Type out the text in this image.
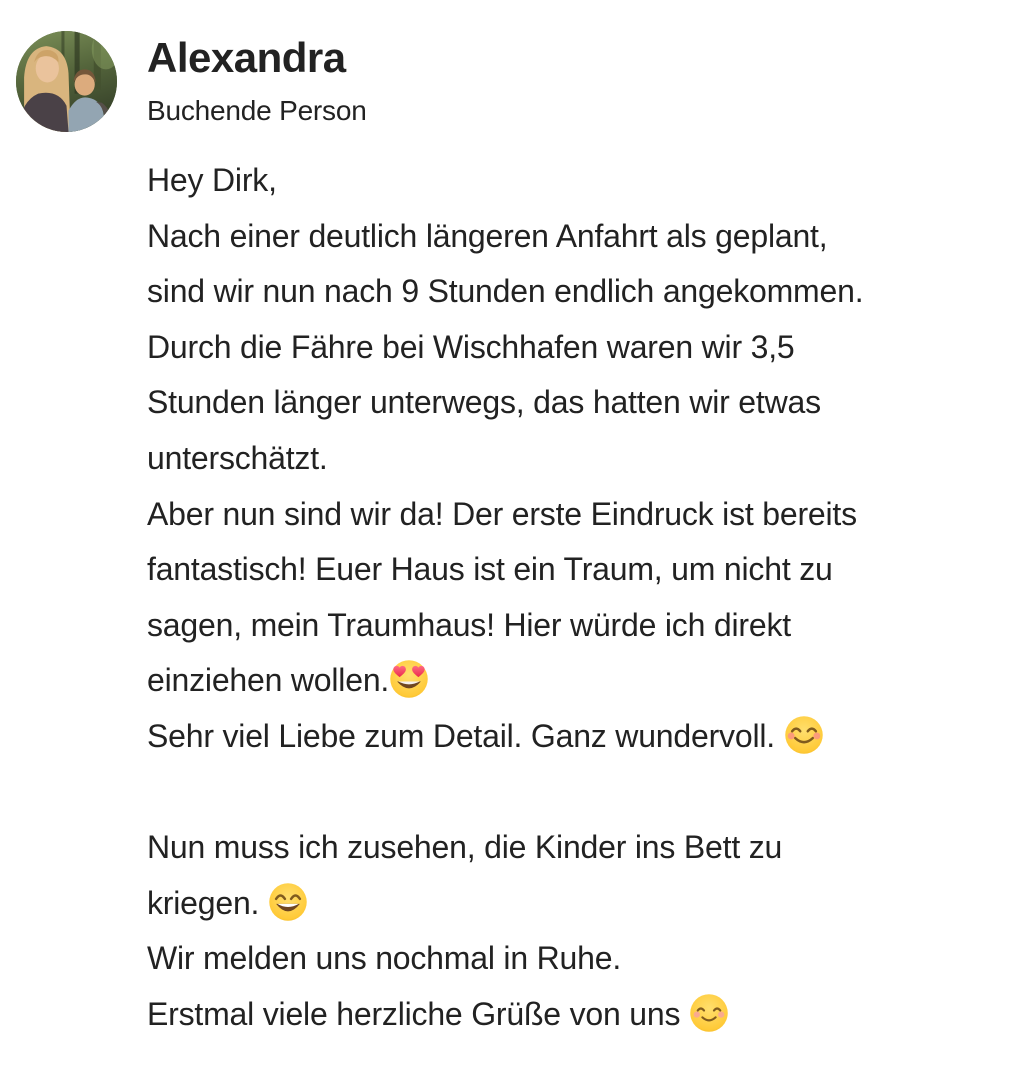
Alexandra
Buchende Person
Hey Dirk,
Nach einer deutlich längeren Anfahrt als geplant,
sind wir nun nach 9 Stunden endlich angekommen.
Durch die Fähre bei Wischhafen waren wir 3,5
Stunden länger unterwegs, das hatten wir etwas
unterschätzt.
Aber nun sind wir da! Der erste Eindruck ist bereits
fantastisch! Euer Haus ist ein Traum, um nicht zu
sagen, mein Traumhaus! Hier würde ich direkt
einziehen wollen.
Sehr viel Liebe zum Detail. Ganz wundervoll.

Nun muss ich zusehen, die Kinder ins Bett zu
kriegen.
Wir melden uns nochmal in Ruhe.
Erstmal viele herzliche Grüße von uns
